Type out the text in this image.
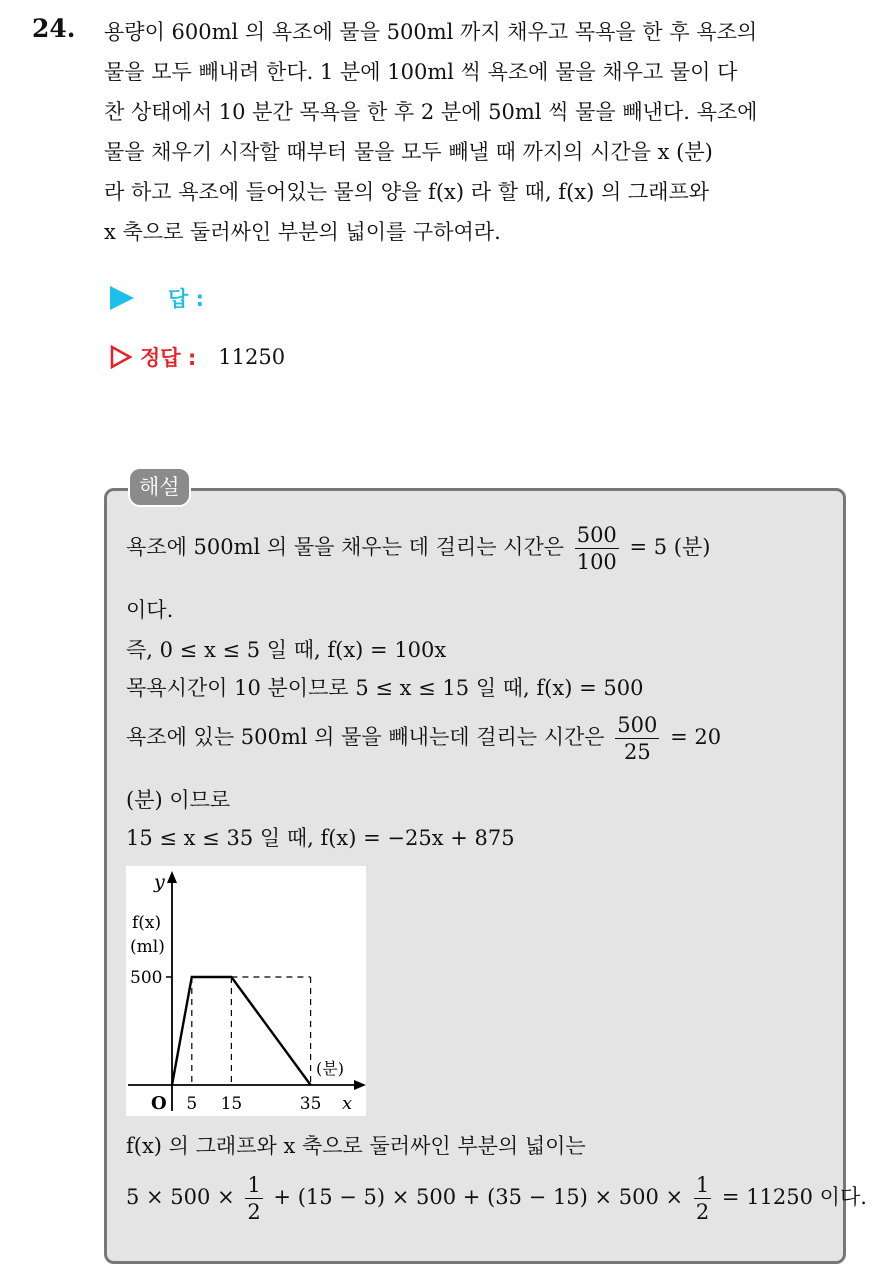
24. 용량이 600ml 의 욕조에 물을 500ml 까지 채우고 목욕을 한 후 욕조의
물을 모두 빼내려 한다. 1 분에 100ml 씩 욕조에 물을 채우고 물이 다
찬 상태에서 10 분간 목욕을 한 후 2 분에 50ml 씩 물을 빼낸다. 욕조에
물을 채우기 시작할 때부터 물을 모두 빼낼 때 까지의 시간을 x (분)
라 하고 욕조에 들어있는 물의 양을 f(x) 라 할 때, f(x) 의 그래프와
x 축으로 둘러싸인 부분의 넓이를 구하여라.
답 :
정답 : 11250
해설
욕조에 500ml 의 물을 채우는 데 걸리는 시간은 $\frac{500}{100} = 5$ (분)
이다.
즉, 0 ≤ x ≤ 5 일 때, f(x) = 100x
목욕시간이 10 분이므로 5 ≤ x ≤ 15 일 때, f(x) = 500
욕조에 있는 500ml 의 물을 빼내는데 걸리는 시간은 $\frac{500}{25} = 20$
(분) 이므로
15 ≤ x ≤ 35 일 때, f(x) = −25x + 875
y
f(x)
(ml)
500
O 5 15	35 x
(분)
f(x) 의 그래프와 x 축으로 둘러싸인 부분의 넓이는
$5 \times 500 \times \frac{1}{2} + (15 - 5) \times 500 + (35 - 15) \times 500 \times \frac{1}{2} = 11250$ 이다.
